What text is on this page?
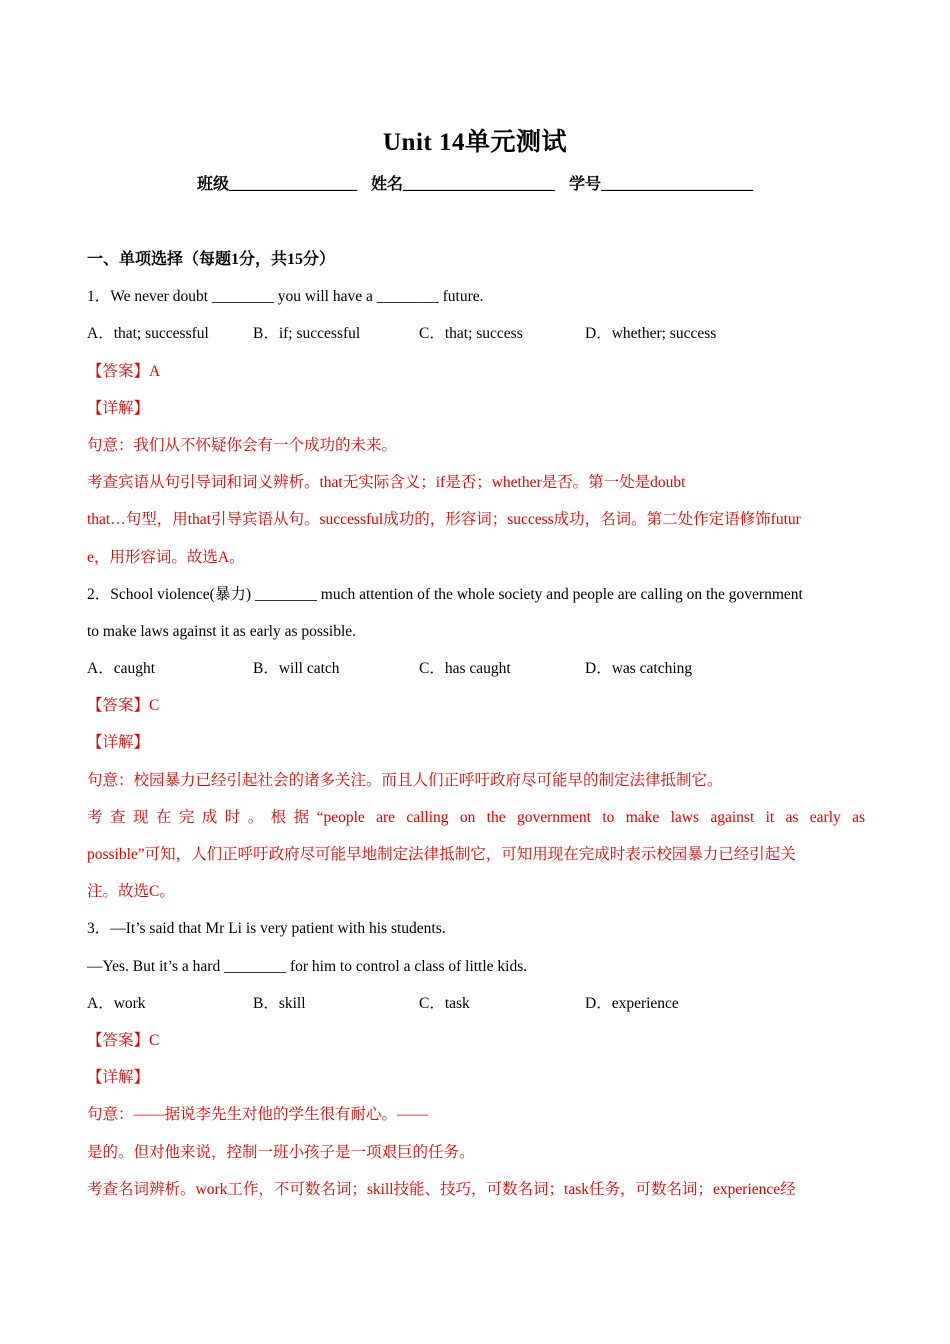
Unit 14单元测试
班级________________ 姓名___________________ 学号___________________
一、单项选择（每题1分，共15分）
1．We never doubt ________ you will have a ________ future.
A．that; successful	B．if; successful	C．that; success	D．whether; success
【答案】A
【详解】
句意：我们从不怀疑你会有一个成功的未来。
考查宾语从句引导词和词义辨析。that无实际含义；if是否；whether是否。第一处是doubt
that…句型，用that引导宾语从句。successful成功的，形容词；success成功，名词。第二处作定语修饰futur
e，用形容词。故选A。
2．School violence(暴力) ________ much attention of the whole society and people are calling on the government
to make laws against it as early as possible.
A．caught	B．will catch	C．has caught	D．was catching
【答案】C
【详解】
句意：校园暴力已经引起社会的诸多关注。而且人们正呼吁政府尽可能早的制定法律抵制它。
考查现在完成时。根据“people are calling on the government to make laws against it as early as
possible”可知，人们正呼吁政府尽可能早地制定法律抵制它，可知用现在完成时表示校园暴力已经引起关
注。故选C。
3．—It’s said that Mr Li is very patient with his students.
—Yes. But it’s a hard ________ for him to control a class of little kids.
A．work	B．skill	C．task	D．experience
【答案】C
【详解】
句意：——据说李先生对他的学生很有耐心。——
是的。但对他来说，控制一班小孩子是一项艰巨的任务。
考查名词辨析。work工作，不可数名词；skill技能、技巧，可数名词；task任务，可数名词；experience经
